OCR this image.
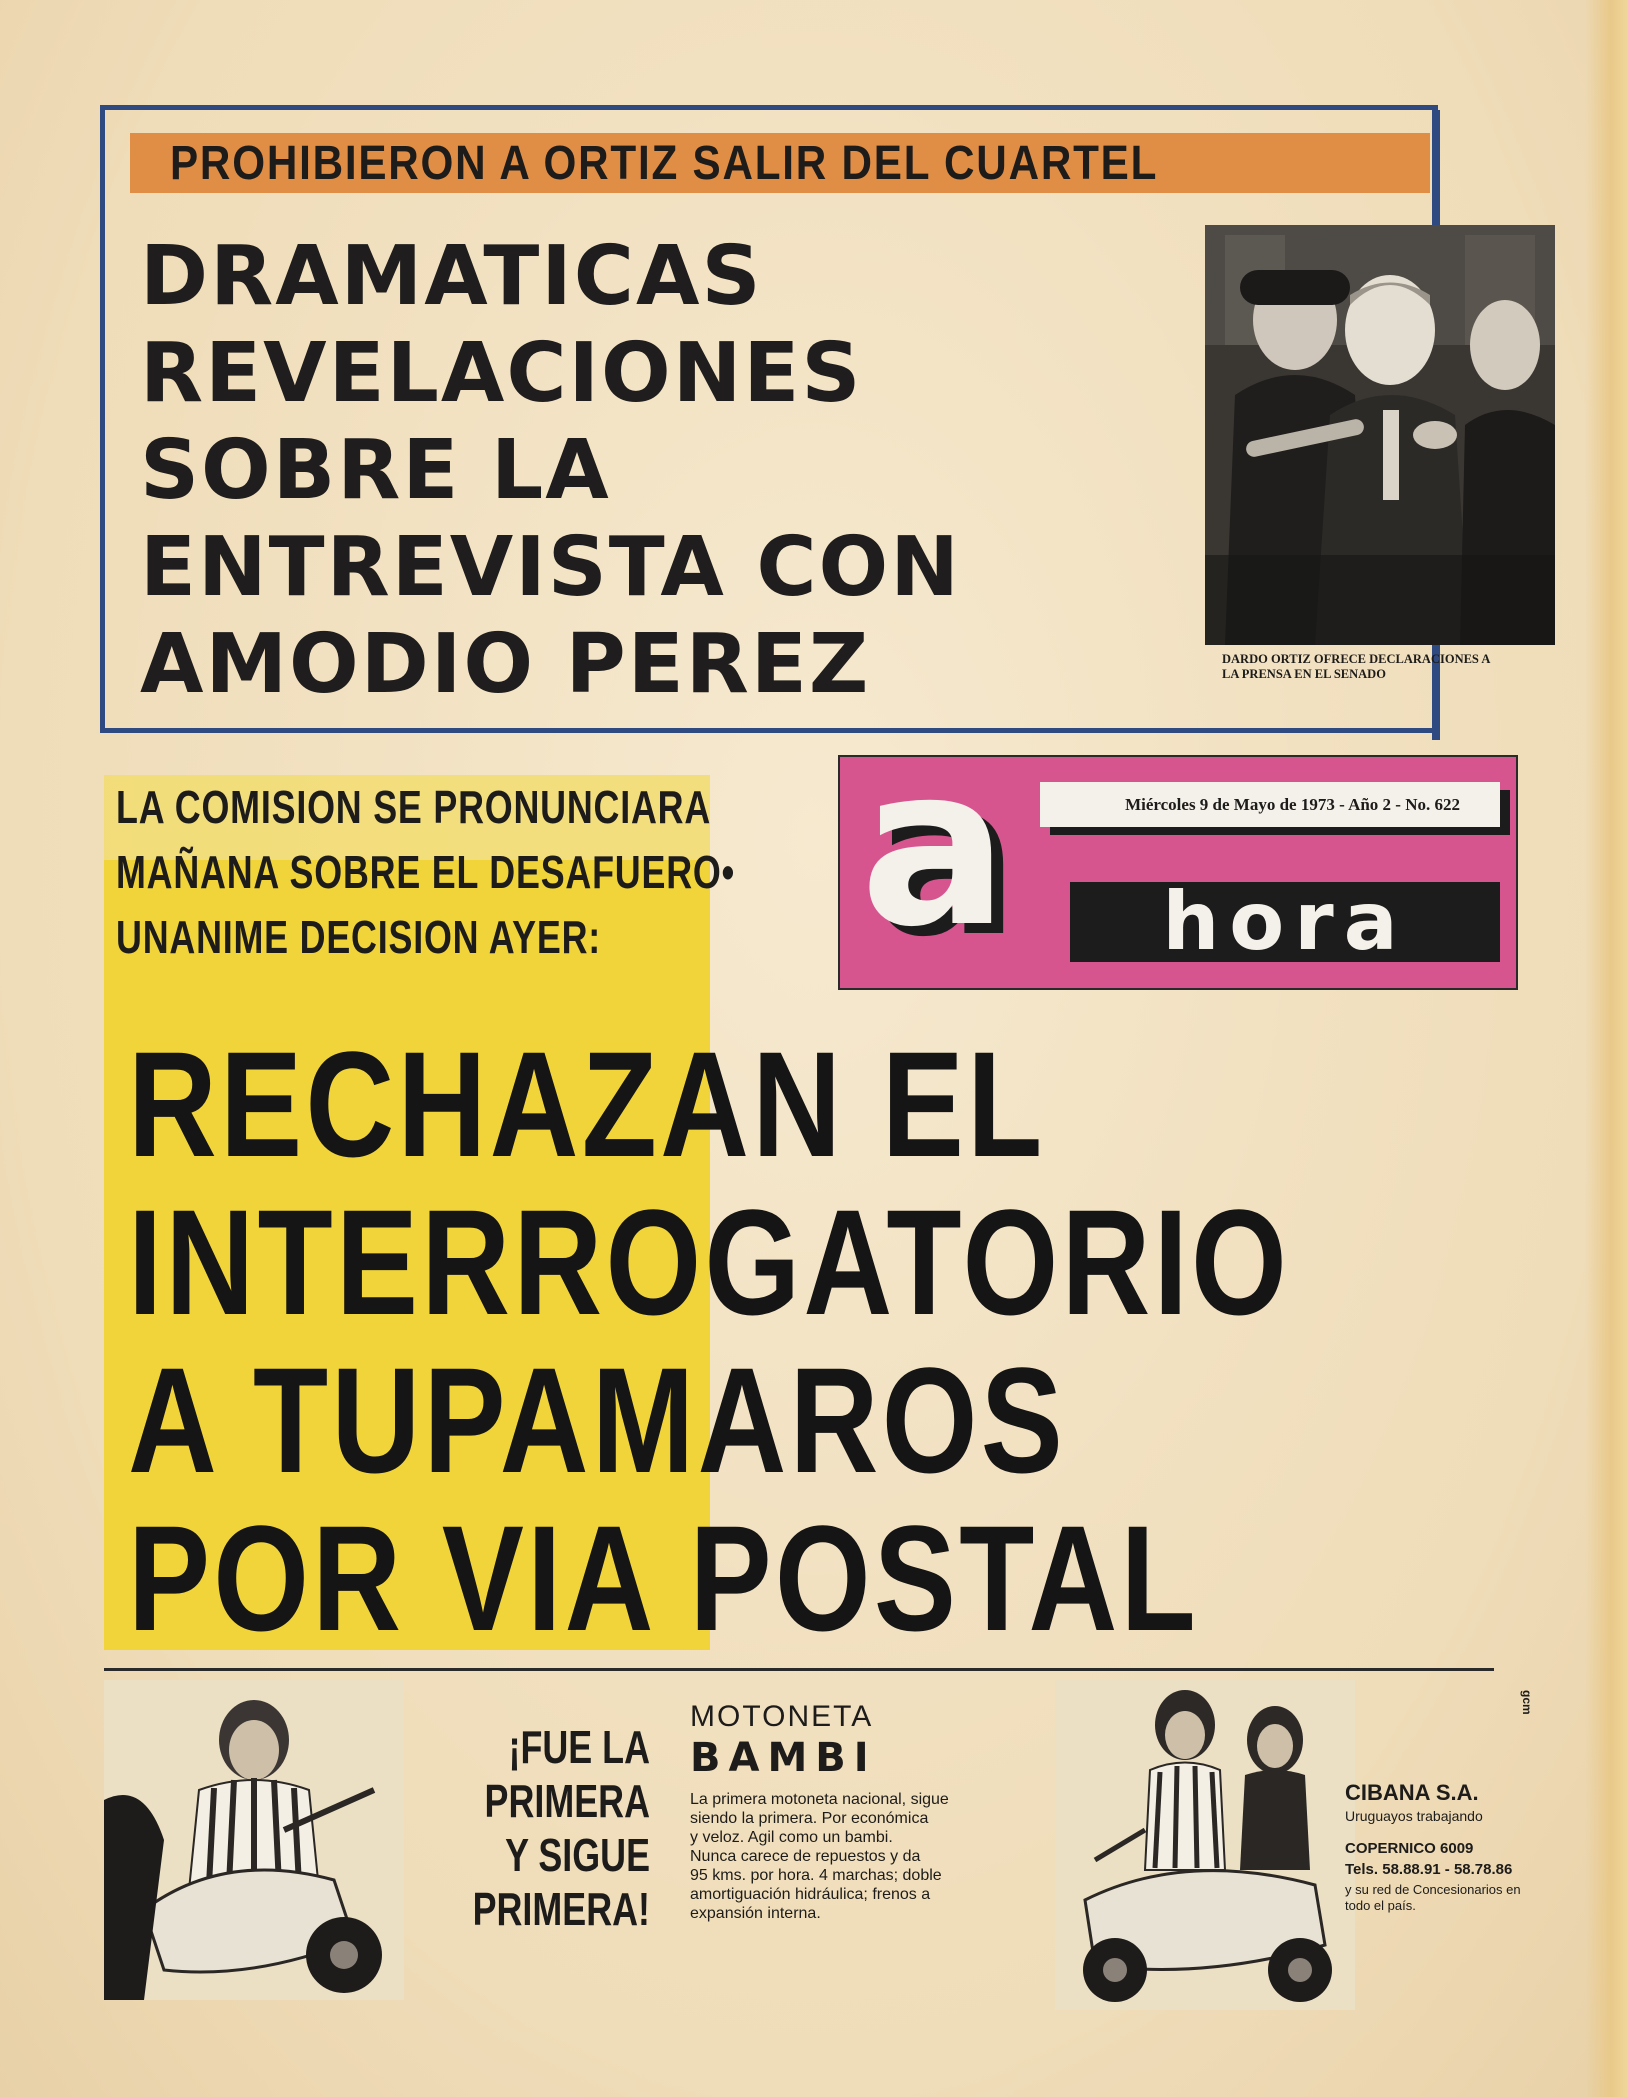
PROHIBIERON A ORTIZ SALIR DEL CUARTEL
DRAMATICAS
REVELACIONES
SOBRE LA
ENTREVISTA CON
AMODIO PEREZ	DARDO ORTIZ OFRECE DECLARACIONES A
LA PRENSA EN EL SENADO
LA COMISION SE PRONUNCIARA
MAÑANA SOBRE EL DESAFUERO•
UNANIME DECISION AYER:	a	Miércoles 9 de Mayo de 1973 - Año 2 - No. 622
hora
RECHAZAN EL
INTERROGATORIO
A TUPAMAROS
POR VIA POSTAL
¡FUE LA
PRIMERA
Y SIGUE
PRIMERA!
MOTONETA
BAMBI
La primera motoneta nacional, sigue
siendo la primera. Por económica
y veloz. Agil como un bambi.
Nunca carece de repuestos y da
95 kms. por hora. 4 marchas; doble
amortiguación hidráulica; frenos a
expansión interna.
CIBANA S.A.
Uruguayos trabajando
COPERNICO 6009
Tels. 58.88.91 - 58.78.86
y su red de Concesionarios en todo el país.
gcm
